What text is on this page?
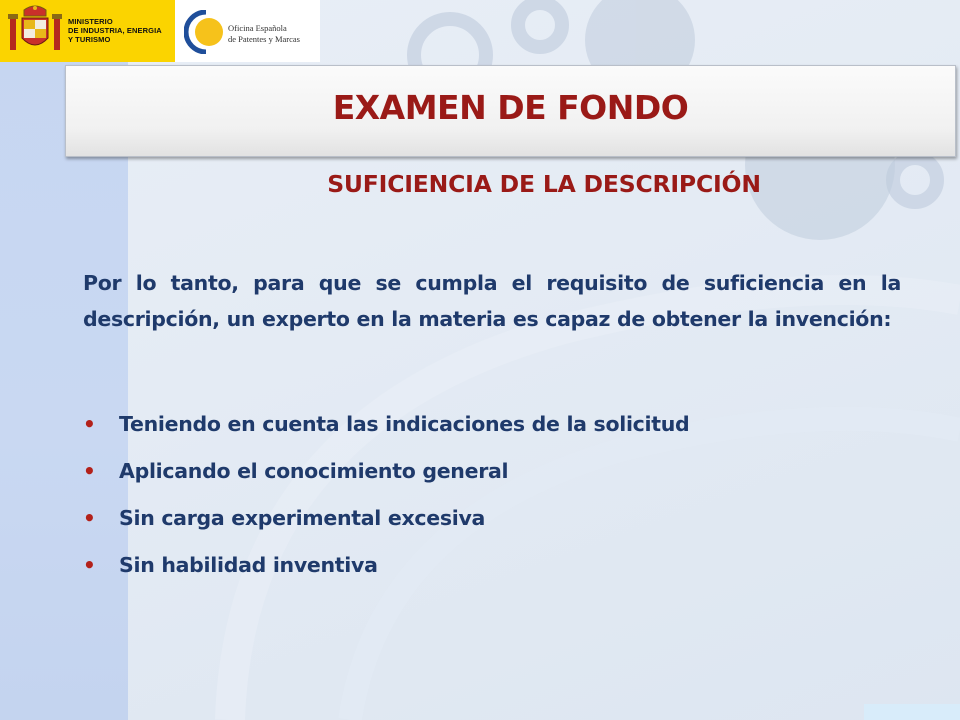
MINISTERIO
DE INDUSTRIA, ENERGIA
Y TURISMO
Oficina Española
de Patentes y Marcas
EXAMEN DE FONDO
SUFICIENCIA DE LA DESCRIPCIÓN
Por lo tanto, para que se cumpla el requisito de suficiencia en la descripción, un experto en la materia es capaz de obtener la invención:
• Teniendo en cuenta las indicaciones de la solicitud
• Aplicando el conocimiento general
• Sin carga experimental excesiva
• Sin habilidad inventiva
